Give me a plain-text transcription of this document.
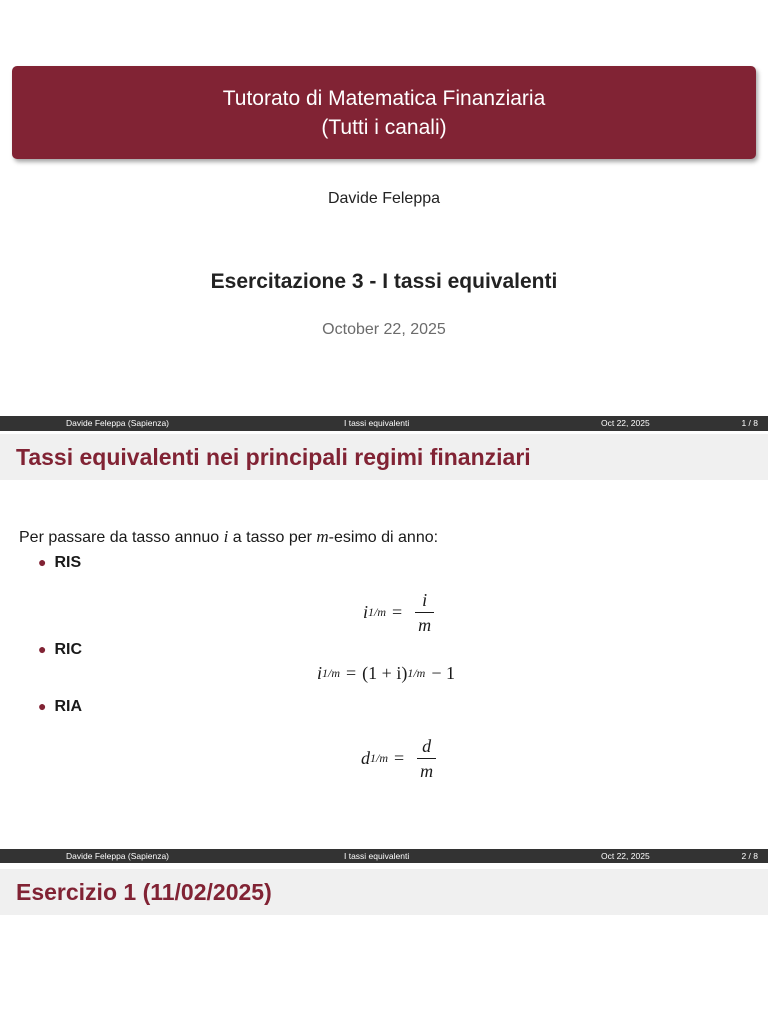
Tutorato di Matematica Finanziaria
(Tutti i canali)
Davide Feleppa
Esercitazione 3 - I tassi equivalenti
October 22, 2025
Davide Feleppa (Sapienza)	I tassi equivalenti	Oct 22, 2025	1 / 8
Tassi equivalenti nei principali regimi finanziari
Per passare da tasso annuo i a tasso per m-esimo di anno:
● RIS
i $1/m = \frac{i}{m}$
● RIC
i 1/m = (1 + i) 1/m − 1
● RIA
d $1/m = \frac{d}{m}$
Davide Feleppa (Sapienza)	I tassi equivalenti	Oct 22, 2025	2 / 8
Esercizio 1 (11/02/2025)
